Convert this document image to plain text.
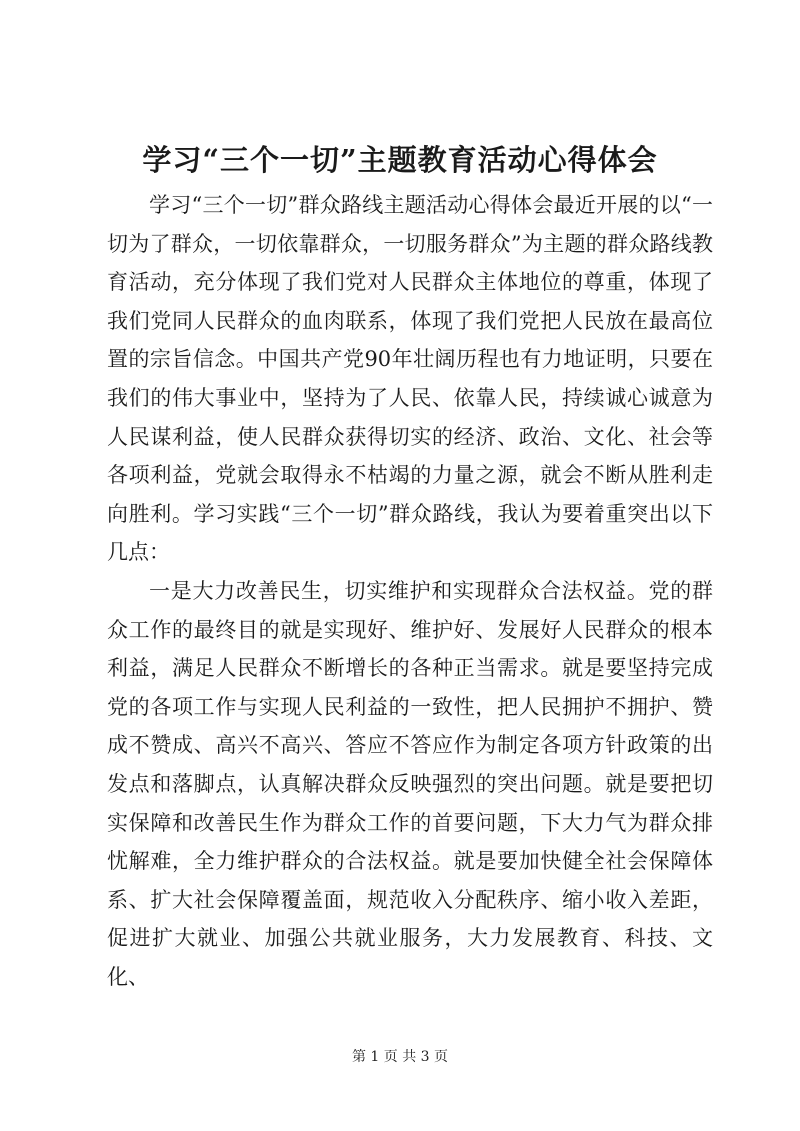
学习“三个一切”主题教育活动心得体会

学习“三个一切”群众路线主题活动心得体会最近开展的以“一切为了群众，一切依靠群众，一切服务群众”为主题的群众路线教育活动，充分体现了我们党对人民群众主体地位的尊重，体现了我们党同人民群众的血肉联系，体现了我们党把人民放在最高位置的宗旨信念。中国共产党90年壮阔历程也有力地证明，只要在我们的伟大事业中，坚持为了人民、依靠人民，持续诚心诚意为人民谋利益，使人民群众获得切实的经济、政治、文化、社会等各项利益，党就会取得永不枯竭的力量之源，就会不断从胜利走向胜利。学习实践“三个一切”群众路线，我认为要着重突出以下几点：

一是大力改善民生，切实维护和实现群众合法权益。党的群众工作的最终目的就是实现好、维护好、发展好人民群众的根本利益，满足人民群众不断增长的各种正当需求。就是要坚持完成党的各项工作与实现人民利益的一致性，把人民拥护不拥护、赞成不赞成、高兴不高兴、答应不答应作为制定各项方针政策的出发点和落脚点，认真解决群众反映强烈的突出问题。就是要把切实保障和改善民生作为群众工作的首要问题，下大力气为群众排忧解难，全力维护群众的合法权益。就是要加快健全社会保障体系、扩大社会保障覆盖面，规范收入分配秩序、缩小收入差距，促进扩大就业、加强公共就业服务，大力发展教育、科技、文化、

第 1 页 共 3 页
